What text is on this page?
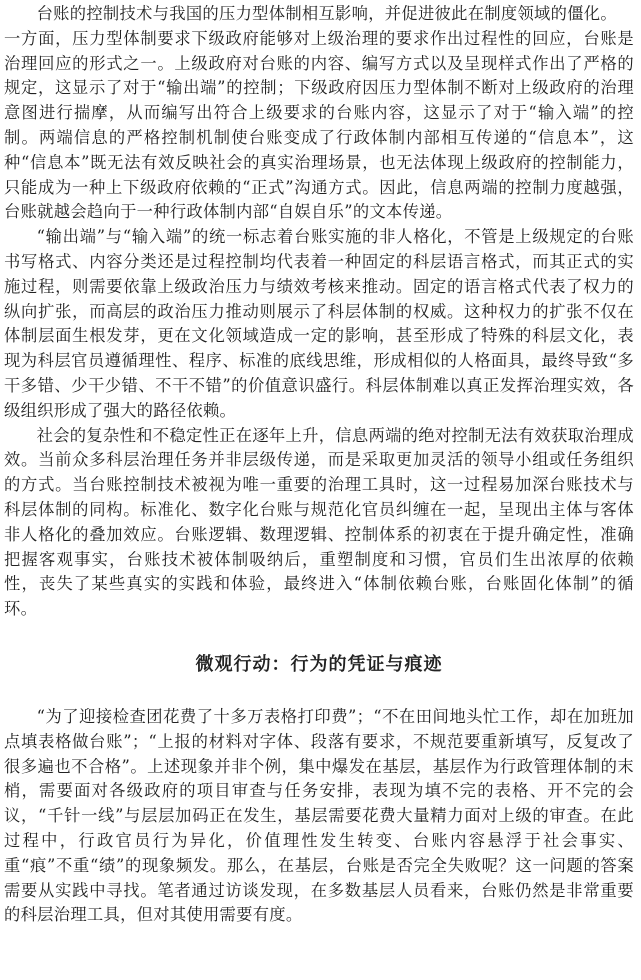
台账的控制技术与我国的压力型体制相互影响，并促进彼此在制度领域的僵化。

一方面，压力型体制要求下级政府能够对上级治理的要求作出过程性的回应，台账是治理回应的形式之一。上级政府对台账的内容、编写方式以及呈现样式作出了严格的规定，这显示了对于“输出端”的控制；下级政府因压力型体制不断对上级政府的治理意图进行揣摩，从而编写出符合上级要求的台账内容，这显示了对于“输入端”的控制。两端信息的严格控制机制使台账变成了行政体制内部相互传递的“信息本”，这种“信息本”既无法有效反映社会的真实治理场景，也无法体现上级政府的控制能力，只能成为一种上下级政府依赖的“正式”沟通方式。因此，信息两端的控制力度越强，台账就越会趋向于一种行政体制内部“自娱自乐”的文本传递。

“输出端”与“输入端”的统一标志着台账实施的非人格化，不管是上级规定的台账书写格式、内容分类还是过程控制均代表着一种固定的科层语言格式，而其正式的实施过程，则需要依靠上级政治压力与绩效考核来推动。固定的语言格式代表了权力的纵向扩张，而高层的政治压力推动则展示了科层体制的权威。这种权力的扩张不仅在体制层面生根发芽，更在文化领域造成一定的影响，甚至形成了特殊的科层文化，表现为科层官员遵循理性、程序、标准的底线思维，形成相似的人格面具，最终导致“多干多错、少干少错、不干不错”的价值意识盛行。科层体制难以真正发挥治理实效，各级组织形成了强大的路径依赖。

社会的复杂性和不稳定性正在逐年上升，信息两端的绝对控制无法有效获取治理成效。当前众多科层治理任务并非层级传递，而是采取更加灵活的领导小组或任务组织的方式。当台账控制技术被视为唯一重要的治理工具时，这一过程易加深台账技术与科层体制的同构。标准化、数字化台账与规范化官员纠缠在一起，呈现出主体与客体非人格化的叠加效应。台账逻辑、数理逻辑、控制体系的初衷在于提升确定性，准确把握客观事实，台账技术被体制吸纳后，重塑制度和习惯，官员们生出浓厚的依赖性，丧失了某些真实的实践和体验，最终进入“体制依赖台账，台账固化体制”的循环。

微观行动：行为的凭证与痕迹

“为了迎接检查团花费了十多万表格打印费”；“不在田间地头忙工作，却在加班加点填表格做台账”；“上报的材料对字体、段落有要求，不规范要重新填写，反复改了很多遍也不合格”。上述现象并非个例，集中爆发在基层，基层作为行政管理体制的末梢，需要面对各级政府的项目审查与任务安排，表现为填不完的表格、开不完的会议，“千针一线”与层层加码正在发生，基层需要花费大量精力面对上级的审查。在此过程中，行政官员行为异化，价值理性发生转变、台账内容悬浮于社会事实、重“痕”不重“绩”的现象频发。那么，在基层，台账是否完全失败呢？这一问题的答案需要从实践中寻找。笔者通过访谈发现，在多数基层人员看来，台账仍然是非常重要的科层治理工具，但对其使用需要有度。
